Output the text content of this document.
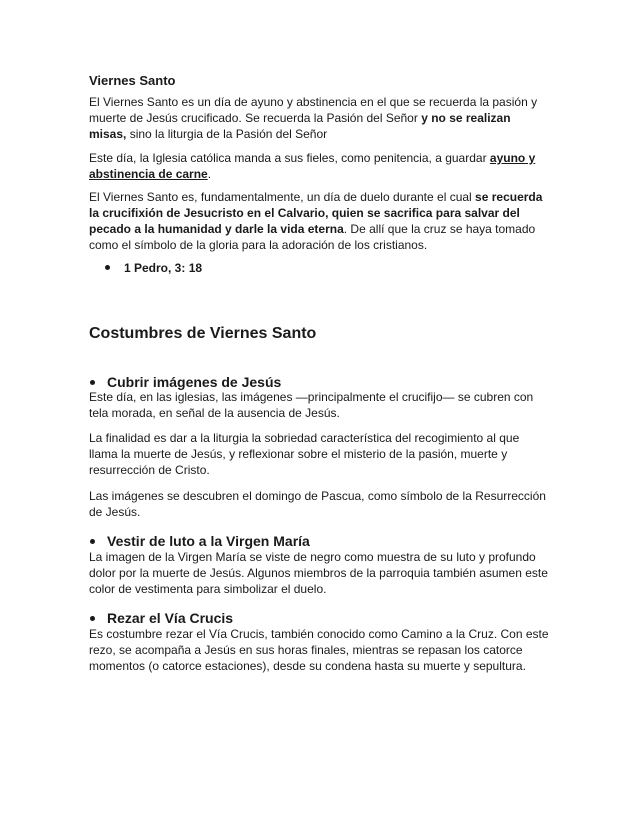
Viernes Santo

El Viernes Santo es un día de ayuno y abstinencia en el que se recuerda la pasión y muerte de Jesús crucificado. Se recuerda la Pasión del Señor y no se realizan misas, sino la liturgia de la Pasión del Señor

Este día, la Iglesia católica manda a sus fieles, como penitencia, a guardar ayuno y abstinencia de carne.

El Viernes Santo es, fundamentalmente, un día de duelo durante el cual se recuerda la crucifixión de Jesucristo en el Calvario, quien se sacrifica para salvar del pecado a la humanidad y darle la vida eterna. De allí que la cruz se haya tomado como el símbolo de la gloria para la adoración de los cristianos.

1 Pedro, 3: 18
Costumbres de Viernes Santo
Cubrir imágenes de Jesús

Este día, en las iglesias, las imágenes —principalmente el crucifijo— se cubren con tela morada, en señal de la ausencia de Jesús.

La finalidad es dar a la liturgia la sobriedad característica del recogimiento al que llama la muerte de Jesús, y reflexionar sobre el misterio de la pasión, muerte y resurrección de Cristo.

Las imágenes se descubren el domingo de Pascua, como símbolo de la Resurrección de Jesús.

Vestir de luto a la Virgen María

La imagen de la Virgen María se viste de negro como muestra de su luto y profundo dolor por la muerte de Jesús. Algunos miembros de la parroquia también asumen este color de vestimenta para simbolizar el duelo.

Rezar el Vía Crucis

Es costumbre rezar el Vía Crucis, también conocido como Camino a la Cruz. Con este rezo, se acompaña a Jesús en sus horas finales, mientras se repasan los catorce momentos (o catorce estaciones), desde su condena hasta su muerte y sepultura.
